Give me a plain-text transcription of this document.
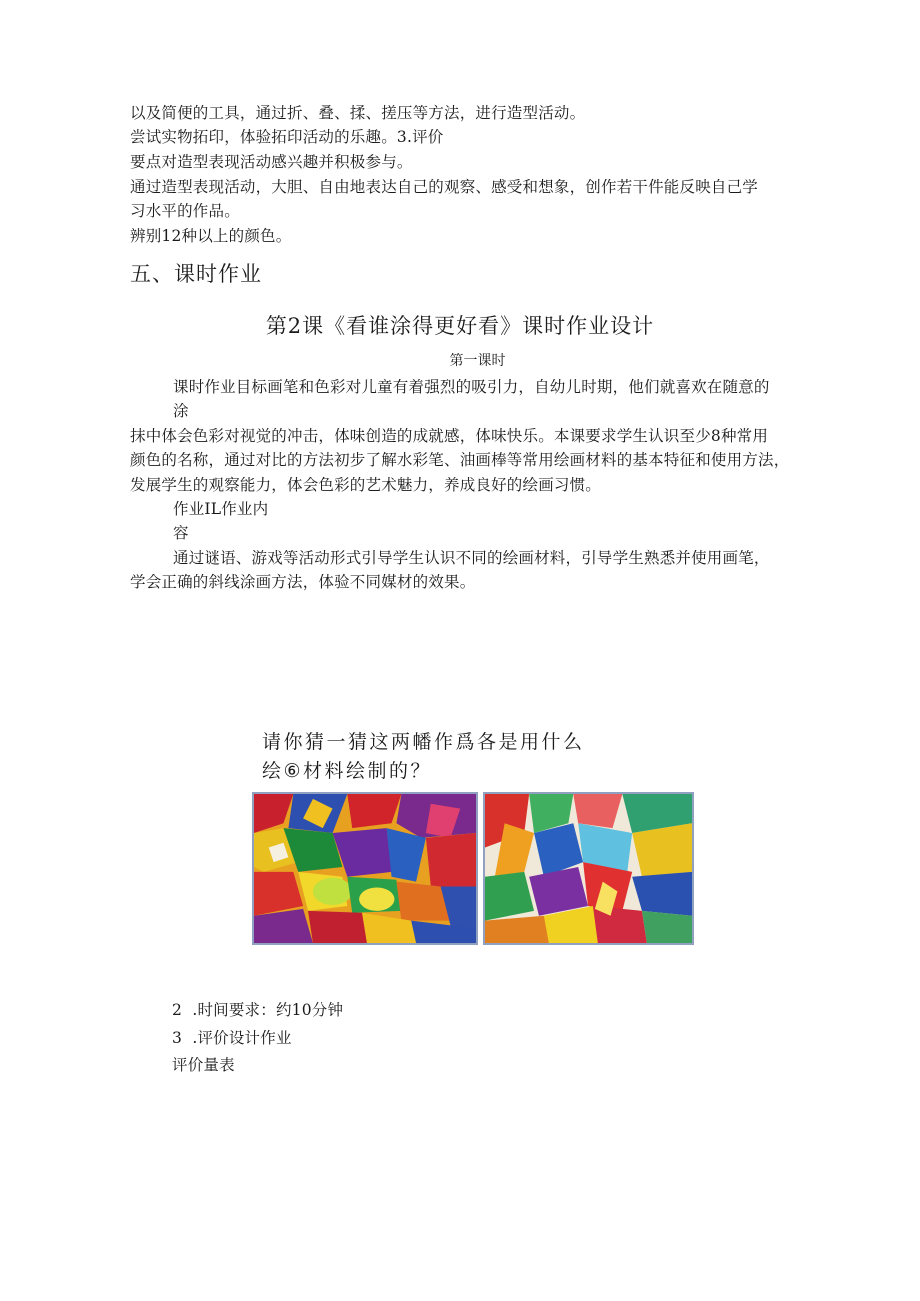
以及简便的工具，通过折、叠、揉、搓压等方法，进行造型活动。
尝试实物拓印，体验拓印活动的乐趣。3.评价
要点对造型表现活动感兴趣并积极参与。
通过造型表现活动，大胆、自由地表达自己的观察、感受和想象，创作若干件能反映自己学
习水平的作品。
辨别12种以上的颜色。
五、课时作业
第2课《看谁涂得更好看》课时作业设计
第一课时
课时作业目标画笔和色彩对儿童有着强烈的吸引力，自幼儿时期，他们就喜欢在随意的
涂
抹中体会色彩对视觉的冲击，体味创造的成就感，体味快乐。本课要求学生认识至少8种常用
颜色的名称，通过对比的方法初步了解水彩笔、油画棒等常用绘画材料的基本特征和使用方法，
发展学生的观察能力，体会色彩的艺术魅力，养成良好的绘画习惯。
作业IL作业内
容
通过谜语、游戏等活动形式引导学生认识不同的绘画材料，引导学生熟悉并使用画笔，
学会正确的斜线涂画方法，体验不同媒材的效果。
请你猜一猜这两幡作爲各是用什么
绘⑥材料绘制的？
2  .时间要求：约10分钟
3  .评价设计作业
评价量表
